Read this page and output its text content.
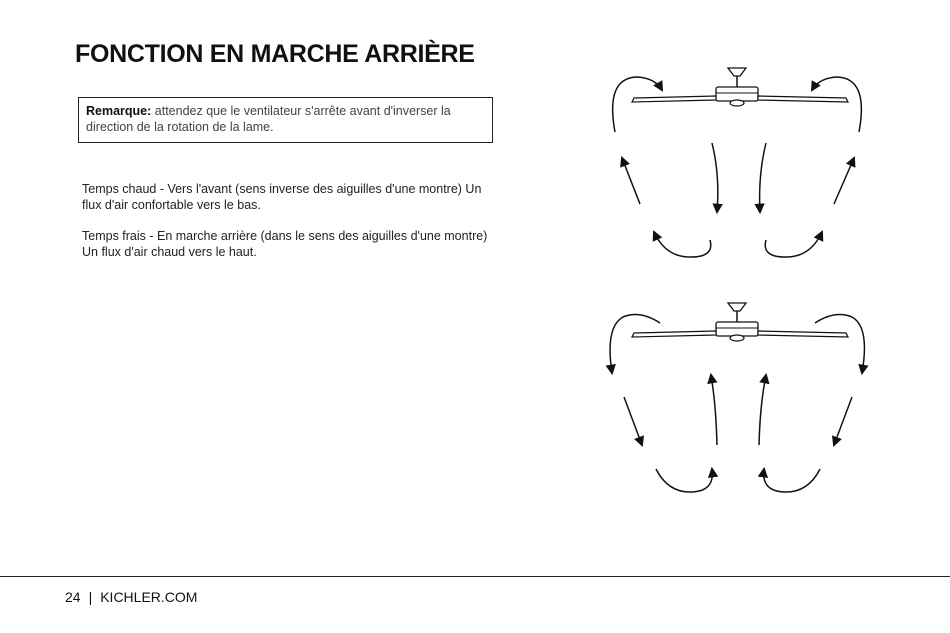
FONCTION EN MARCHE ARRIÈRE
Remarque: attendez que le ventilateur s'arrête avant d'inverser la direction de la rotation de la lame.

Temps chaud - Vers l'avant (sens inverse des aiguilles d'une montre) Un flux d'air confortable vers le bas.

Temps frais - En marche arrière (dans le sens des aiguilles d'une montre) Un flux d'air chaud vers le haut.

24 | KICHLER.COM
